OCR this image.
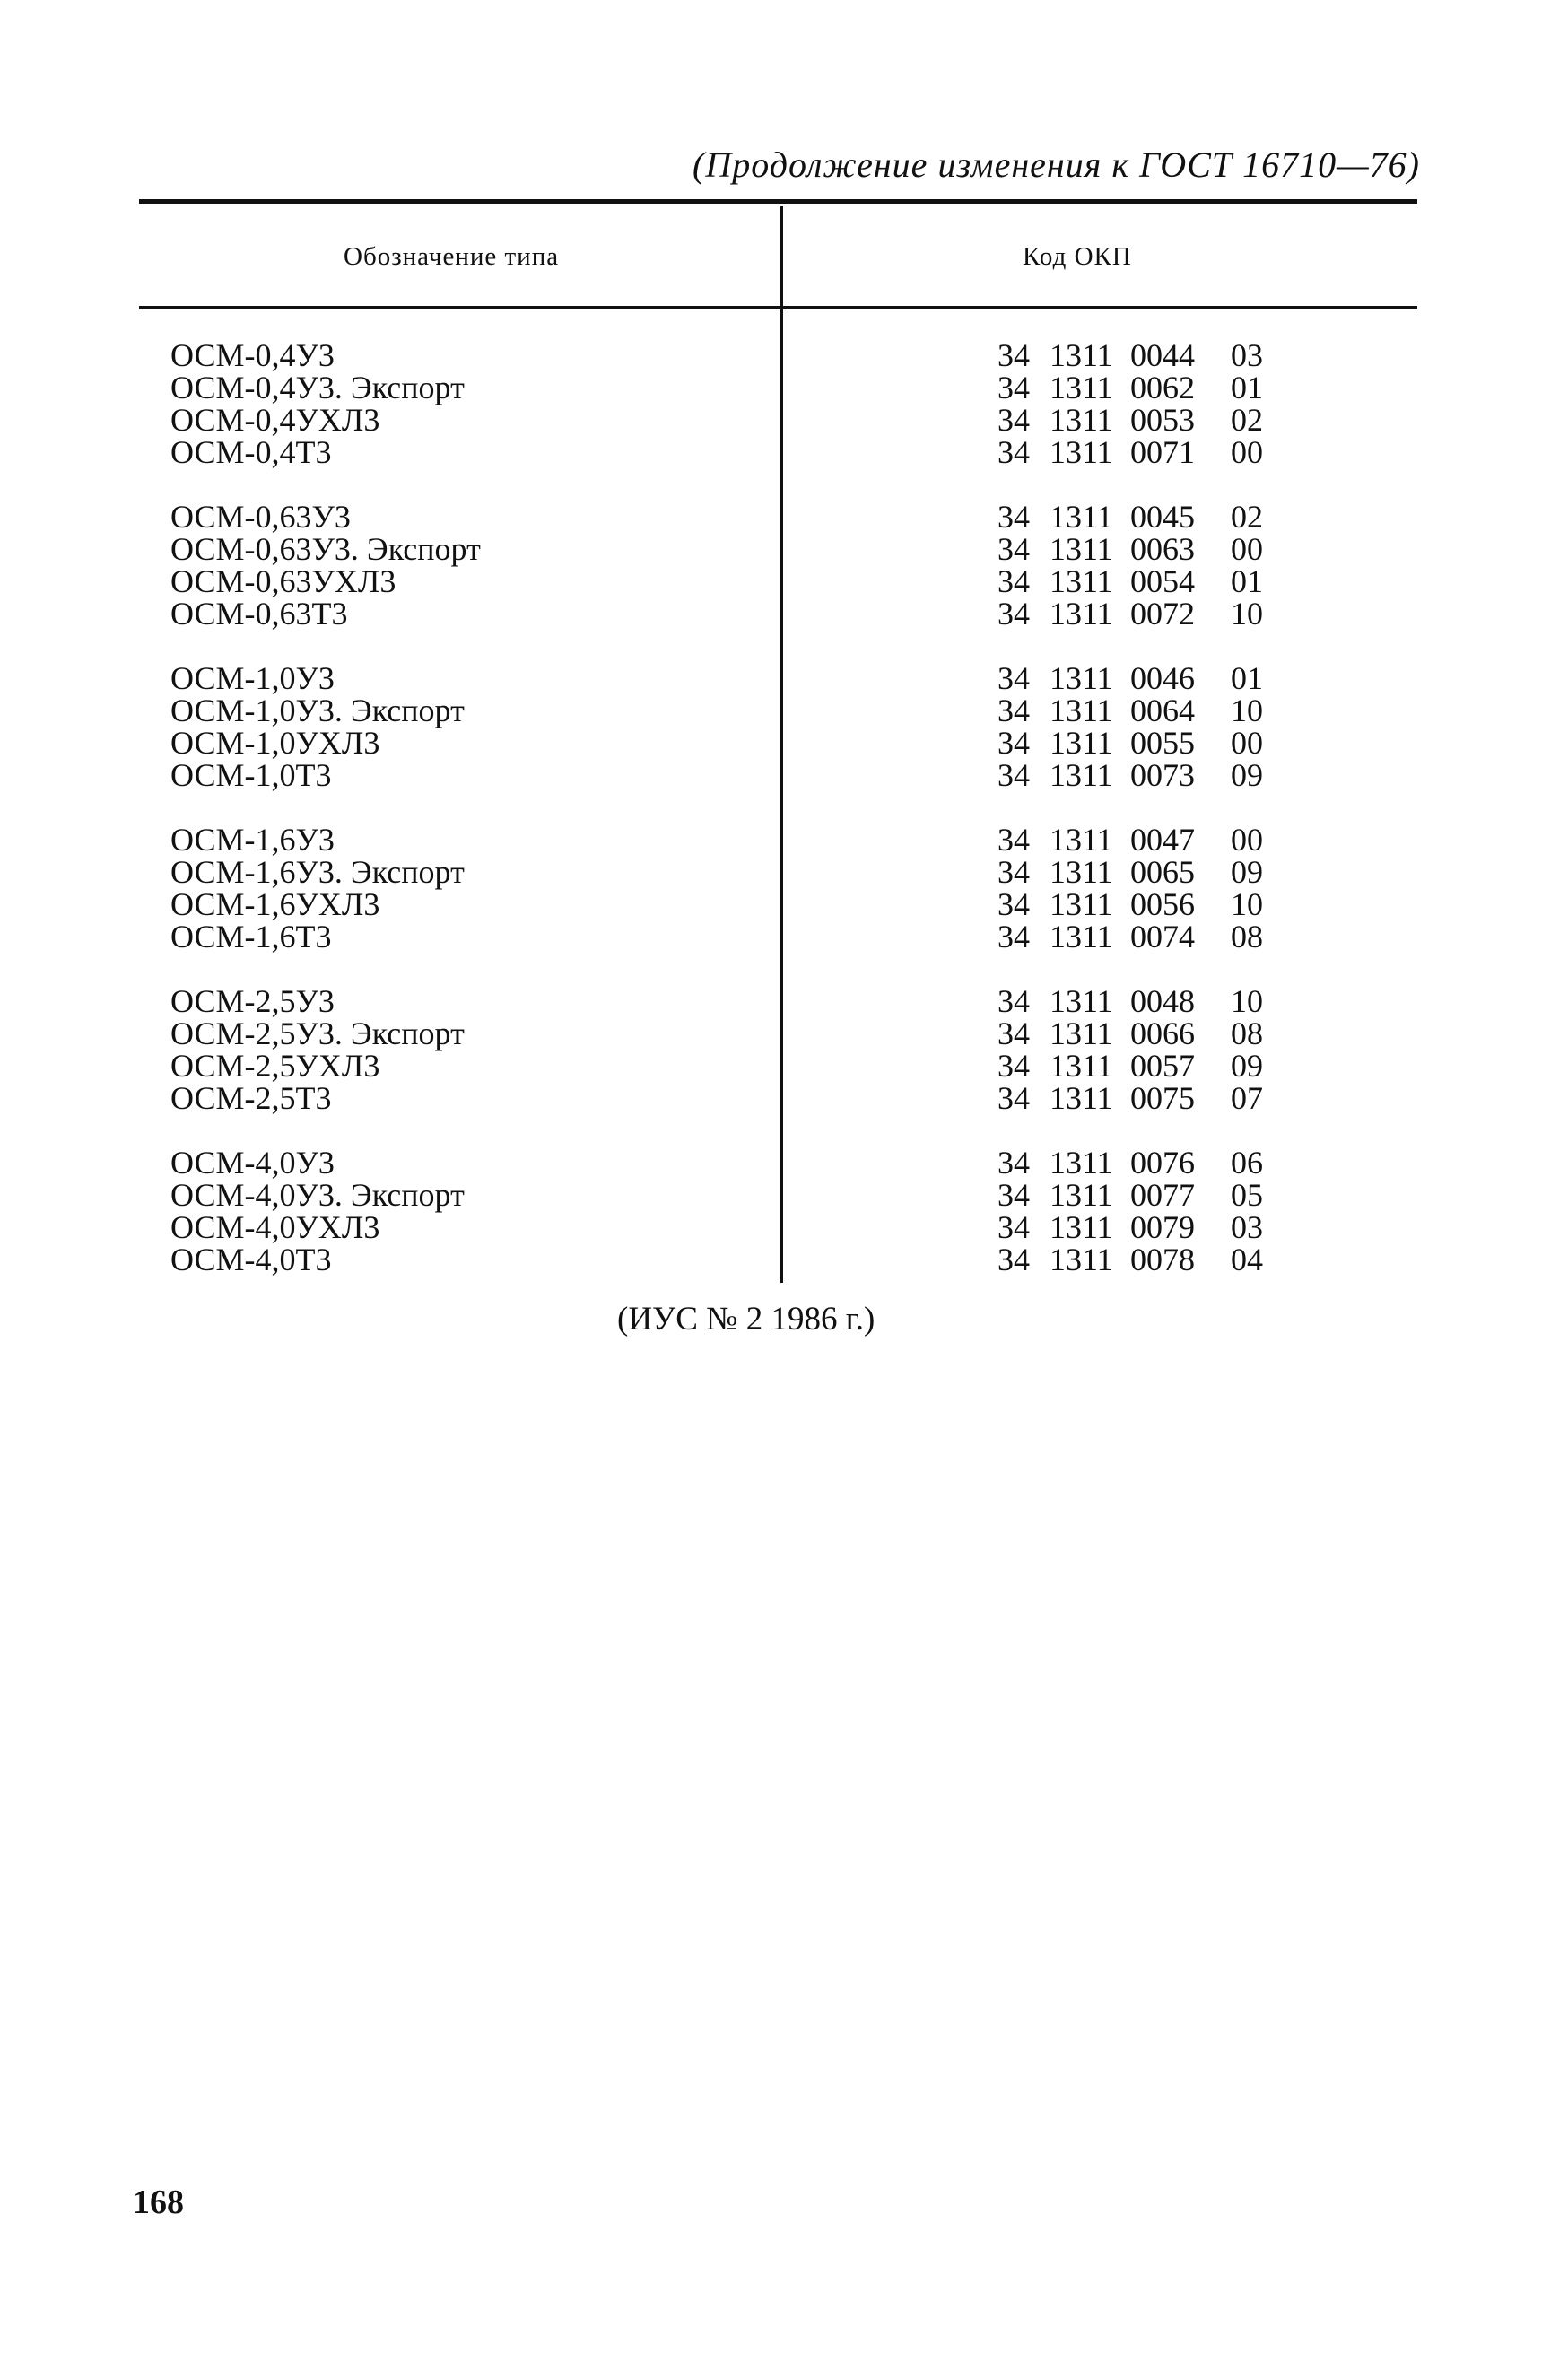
(Продолжение изменения к ГОСТ 16710—76)
Обозначение типа	Код ОКП
ОСМ-0,4У3	34 1311 0044 03
ОСМ-0,4У3. Экспорт	34 1311 0062 01
ОСМ-0,4УХЛ3	34 1311 0053 02
ОСМ-0,4Т3	34 1311 0071 00
ОСМ-0,63У3	34 1311 0045 02
ОСМ-0,63У3. Экспорт	34 1311 0063 00
ОСМ-0,63УХЛ3	34 1311 0054 01
ОСМ-0,63Т3	34 1311 0072 10
ОСМ-1,0У3	34 1311 0046 01
ОСМ-1,0У3. Экспорт	34 1311 0064 10
ОСМ-1,0УХЛ3	34 1311 0055 00
ОСМ-1,0Т3	34 1311 0073 09
ОСМ-1,6У3	34 1311 0047 00
ОСМ-1,6У3. Экспорт	34 1311 0065 09
ОСМ-1,6УХЛ3	34 1311 0056 10
ОСМ-1,6Т3	34 1311 0074 08
ОСМ-2,5У3	34 1311 0048 10
ОСМ-2,5У3. Экспорт	34 1311 0066 08
ОСМ-2,5УХЛ3	34 1311 0057 09
ОСМ-2,5Т3	34 1311 0075 07
ОСМ-4,0У3	34 1311 0076 06
ОСМ-4,0У3. Экспорт	34 1311 0077 05
ОСМ-4,0УХЛ3	34 1311 0079 03
ОСМ-4,0Т3	34 1311 0078 04
(ИУС № 2 1986 г.)
168
